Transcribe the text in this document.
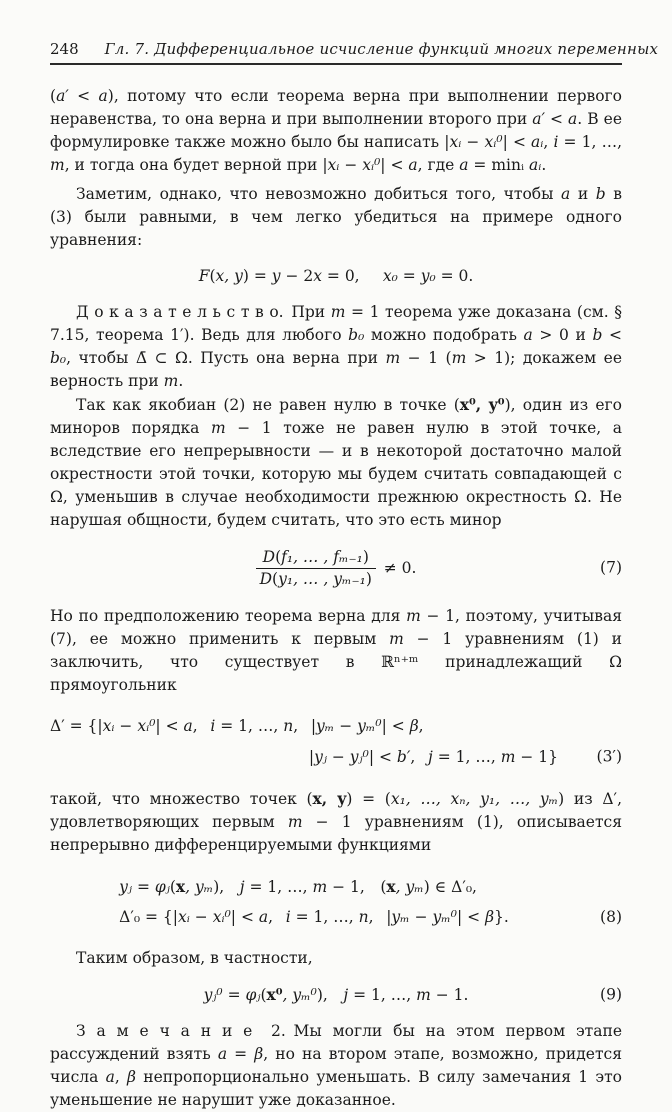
248 Гл. 7. Дифференциальное исчисление функций многих переменных

(a′ < a), потому что если теорема верна при выполнении первого неравенства, то она верна и при выполнении второго при a′ < a. В ее формулировке также можно было бы написать |xᵢ − xᵢ⁰| < aᵢ, i = 1, …, m, и тогда она будет верной при |xᵢ − xᵢ⁰| < a, где a = minᵢ aᵢ.

Заметим, однако, что невозможно добиться того, чтобы a и b в (3) были равными, в чем легко убедиться на примере одного уравнения:

F(x, y) = y − 2x = 0,   x₀ = y₀ = 0.

Д о к а з а т е л ь с т в о. При m = 1 теорема уже доказана (см. § 7.15, теорема 1′). Ведь для любого b₀ можно подобрать a > 0 и b < b₀, чтобы Δ̄ ⊂ Ω. Пусть она верна при m − 1 (m > 1); докажем ее верность при m.

Так как якобиан (2) не равен нулю в точке (x⁰, y⁰), один из его миноров порядка m − 1 тоже не равен нулю в этой точке, а вследствие его непрерывности — и в некоторой достаточно малой окрестности этой точки, которую мы будем считать совпадающей с Ω, уменьшив в случае необходимости прежнюю окрестность Ω. Не нарушая общности, будем считать, что это есть минор

$\frac{\text{D(f₁, … , fₘ₋₁)}}{\text{D(y₁, … , yₘ₋₁)}}$  ≠ 0.	(7)

Но по предположению теорема верна для m − 1, поэтому, учитывая (7), ее можно применить к первым m − 1 уравнениям (1) и заключить, что существует в ℝⁿ⁺ᵐ принадлежащий Ω прямоугольник

Δ′ = {|xᵢ − xᵢ⁰| < a,  i = 1, …, n,  |yₘ − yₘ⁰| < β,
|yⱼ − yⱼ⁰| < b′,  j = 1, …, m − 1} (3′)

такой, что множество точек (x, y) = (x₁, …, xₙ, y₁, …, yₘ) из Δ′, удовлетворяющих первым m − 1 уравнениям (1), описывается непрерывно дифференцируемыми функциями

yⱼ = φⱼ(x, yₘ),  j = 1, …, m − 1,  (x, yₘ) ∈ Δ′₀,
Δ′₀ = {|xᵢ − xᵢ⁰| < a,  i = 1, …, n,  |yₘ − yₘ⁰| < β}.	(8)

Таким образом, в частности,

yⱼ⁰ = φⱼ(x⁰, yₘ⁰),  j = 1, …, m − 1.	(9)

З а м е ч а н и е  2. Мы могли бы на этом первом этапе рассуждений взять a = β, но на втором этапе, возможно, придется числа a, β непропорционально уменьшать. В силу замечания 1 это уменьшение не нарушит уже доказанное.
